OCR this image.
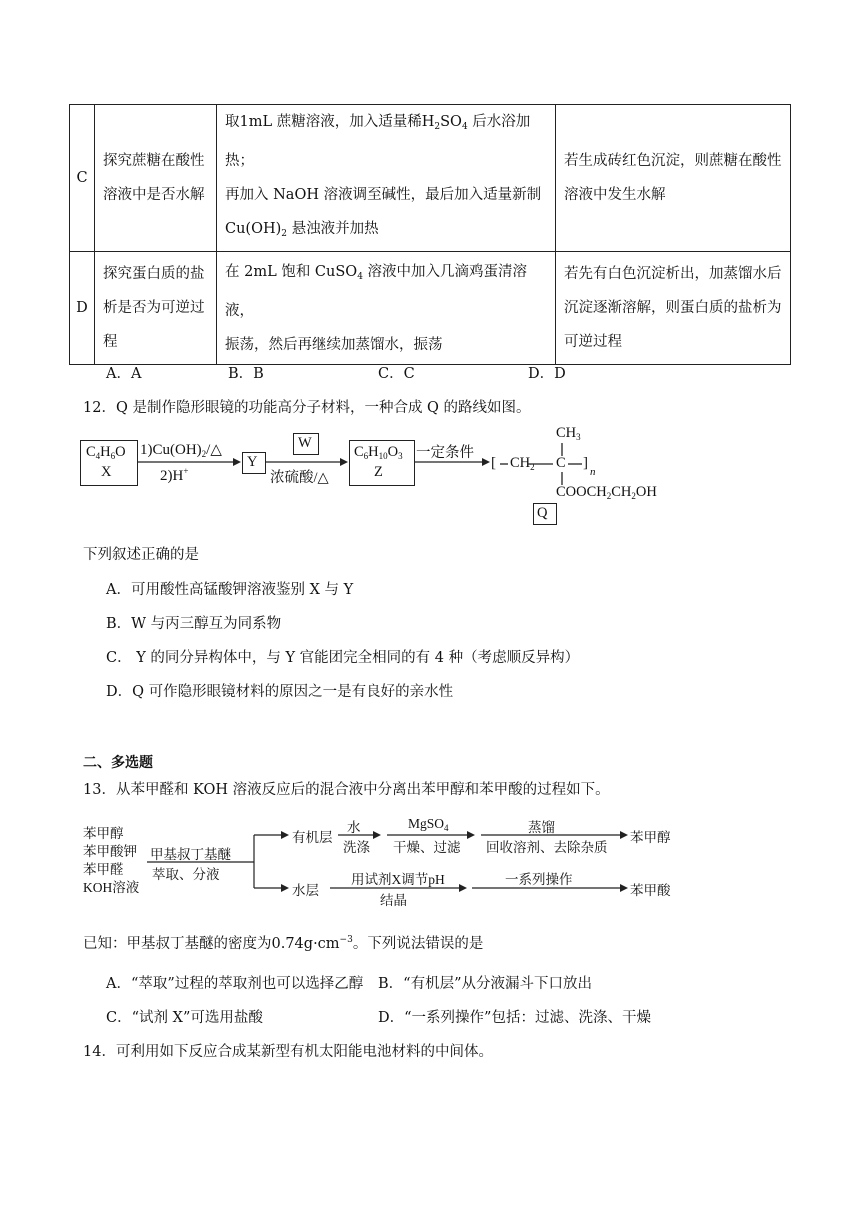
C	探究蔗糖在酸性溶液中是否水解	取1mL 蔗糖溶液，加入适量稀$H_2SO_4$ 后水浴加热；
再加入 NaOH 溶液调至碱性，最后加入适量新制
$Cu(OH)_2$ 悬浊液并加热	若生成砖红色沉淀，则蔗糖在酸性溶液中发生水解
D	探究蛋白质的盐析是否为可逆过程	在 2mL 饱和 CuSO$_4$ 溶液中加入几滴鸡蛋清溶液，
振荡，然后再继续加蒸馏水，振荡	若先有白色沉淀析出，加蒸馏水后沉淀逐渐溶解，则蛋白质的盐析为可逆过程
A．A	B．B	C．C	D．D
12．Q 是制作隐形眼镜的功能高分子材料，一种合成 Q 的路线如图。
$C_4H_6O$
X
$1)Cu(OH)_2/\triangle$
2)H+
Y
W
浓硫酸/△
$C_6H_{10}O_3$
Z
一定条件
$CH_3$
[ $CH_2$ C ]
n
$COOCH_2CH_2OH$
Q
下列叙述正确的是
A．可用酸性高锰酸钾溶液鉴别 X 与 Y
B．W 与丙三醇互为同系物
C． Y 的同分异构体中，与 Y 官能团完全相同的有 4 种（考虑顺反异构）
D．Q 可作隐形眼镜材料的原因之一是有良好的亲水性
二、多选题
13．从苯甲醛和 KOH 溶液反应后的混合液中分离出苯甲醇和苯甲酸的过程如下。
苯甲醇
苯甲酸钾
苯甲醛
KOH溶液
甲基叔丁基醚
萃取、分液
有机层
水
洗涤
MgSO$_4$
干燥、过滤
蒸馏
回收溶剂、去除杂质
苯甲醇
水层
用试剂X调节pH
结晶
一系列操作
苯甲酸
已知：甲基叔丁基醚的密度为$0.74g\cdot cm^{-3}$。下列说法错误的是
A．“萃取”过程的萃取剂也可以选择乙醇 B．“有机层”从分液漏斗下口放出
C．“试剂 X”可选用盐酸	D．“一系列操作”包括：过滤、洗涤、干燥
14．可利用如下反应合成某新型有机太阳能电池材料的中间体。
